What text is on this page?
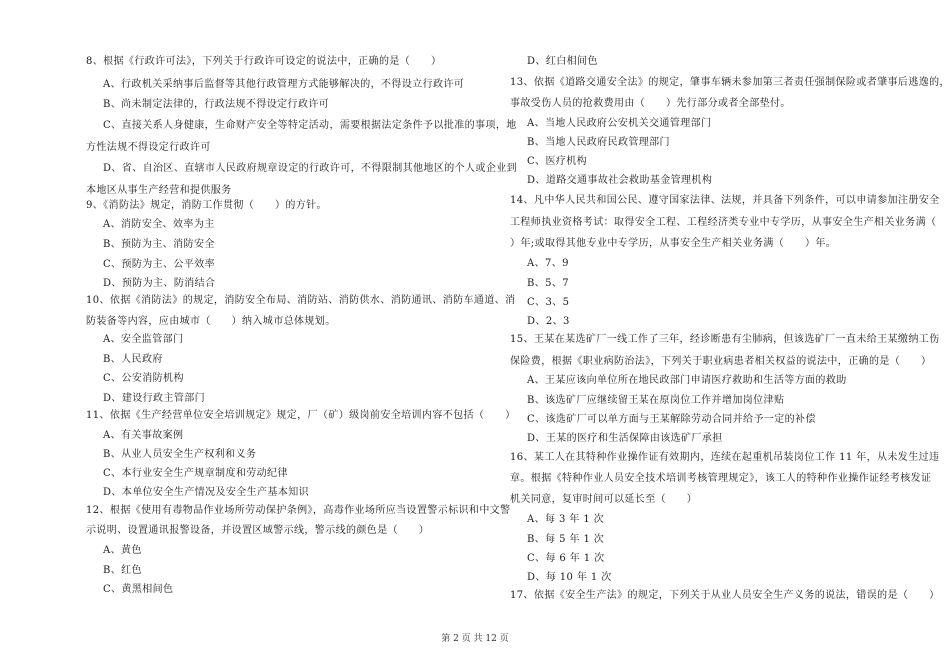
8、根据《行政许可法》，下列关于行政许可设定的说法中，正确的是（　　）
A、行政机关采纳事后监督等其他行政管理方式能够解决的，不得设立行政许可
B、尚未制定法律的，行政法规不得设定行政许可
C、直接关系人身健康，生命财产安全等特定活动，需要根据法定条件予以批准的事项，地
方性法规不得设定行政许可
D、省、自治区、直辖市人民政府规章设定的行政许可，不得限制其他地区的个人或企业到
本地区从事生产经营和提供服务
9、《消防法》规定，消防工作贯彻（　　）的方针。
A、消防安全、效率为主
B、预防为主、消防安全
C、预防为主、公平效率
D、预防为主、防消结合
10、依据《消防法》的规定，消防安全布局、消防站、消防供水、消防通讯、消防车通道、消
防装备等内容，应由城市（　　）纳入城市总体规划。
A、安全监管部门
B、人民政府
C、公安消防机构
D、建设行政主管部门
11、依据《生产经营单位安全培训规定》规定，厂（矿）级岗前安全培训内容不包括（　　）
A、有关事故案例
B、从业人员安全生产权利和义务
C、本行业安全生产规章制度和劳动纪律
D、本单位安全生产情况及安全生产基本知识
12、根据《使用有毒物品作业场所劳动保护条例》，高毒作业场所应当设置警示标识和中文警
示说明、设置通讯报警设备，并设置区域警示线，警示线的颜色是（　　）
A、黄色
B、红色
C、黄黑相间色
D、红白相间色
13、依据《道路交通安全法》的规定，肇事车辆未参加第三者责任强制保险或者肇事后逃逸的，
事故受伤人员的抢救费用由（　　）先行部分或者全部垫付。
A、当地人民政府公安机关交通管理部门
B、当地人民政府民政管理部门
C、医疗机构
D、道路交通事故社会救助基金管理机构
14、凡中华人民共和国公民、遵守国家法律、法规，并具备下列条件，可以申请参加注册安全
工程师执业资格考试：取得安全工程、工程经济类专业中专学历，从事安全生产相关业务满（
）年;或取得其他专业中专学历，从事安全生产相关业务满（　　）年。
A、7、9
B、5、7
C、3、5
D、2、3
15、王某在某选矿厂一线工作了三年，经诊断患有尘肺病，但该选矿厂一直未给王某缴纳工伤
保险费，根据《职业病防治法》，下列关于职业病患者相关权益的说法中，正确的是（　　）
A、王某应该向单位所在地民政部门申请医疗救助和生活等方面的救助
B、该选矿厂应继续留王某在原岗位工作并增加岗位津贴
C、该选矿厂可以单方面与王某解除劳动合同并给予一定的补偿
D、王某的医疗和生活保障由该选矿厂承担
16、某工人在其特种作业操作证有效期内，连续在起重机吊装岗位工作 11 年，从未发生过违
章。根据《特种作业人员安全技术培训考核管理规定》，该工人的特种作业操作证经考核发证
机关同意，复审时间可以延长至（　　）
A、每 3 年 1 次
B、每 5 年 1 次
C、每 6 年 1 次
D、每 10 年 1 次
17、依据《安全生产法》的规定，下列关于从业人员安全生产义务的说法，错误的是（　　）
第 2 页 共 12 页
